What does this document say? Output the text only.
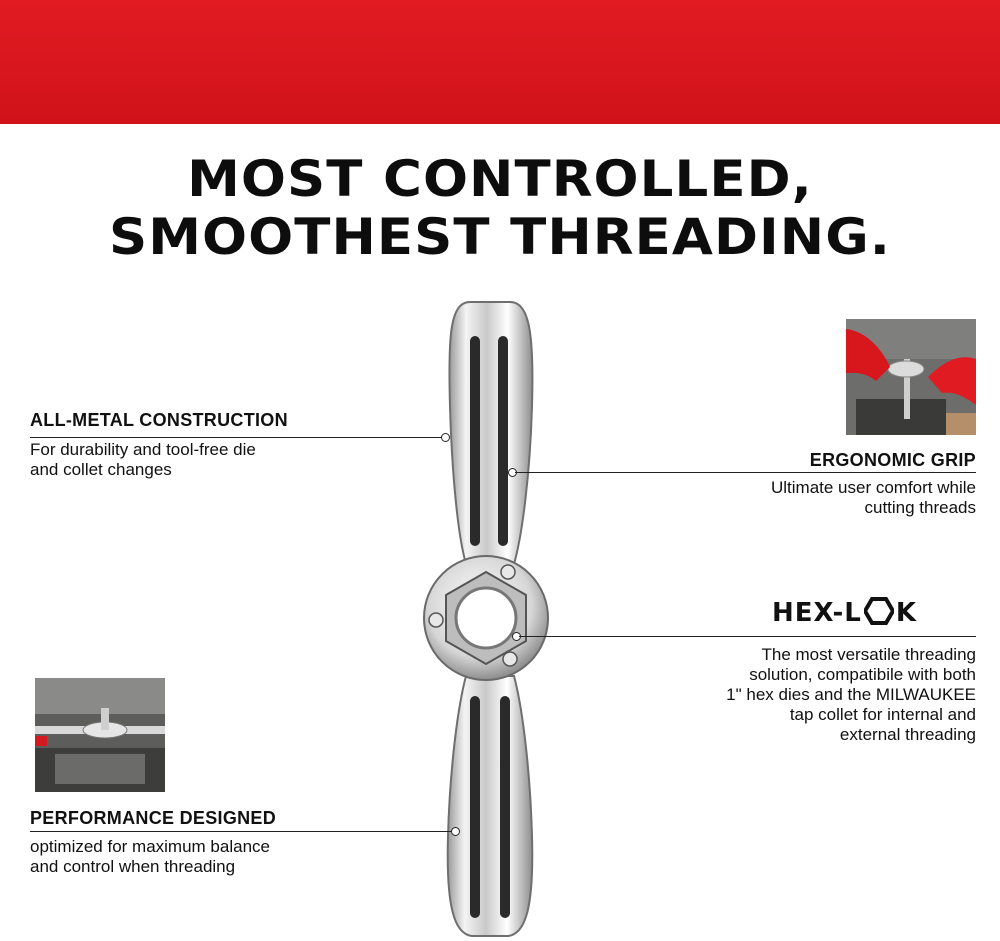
MOST CONTROLLED,
SMOOTHEST THREADING.
ALL-METAL CONSTRUCTION
For durability and tool-free die
and collet changes	ERGONOMIC GRIP
Ultimate user comfort while
cutting threads
HEX-L K
The most versatile threading
solution, compatibile with both
1" hex dies and the MILWAUKEE
tap collet for internal and
external threading
PERFORMANCE DESIGNED
optimized for maximum balance
and control when threading
